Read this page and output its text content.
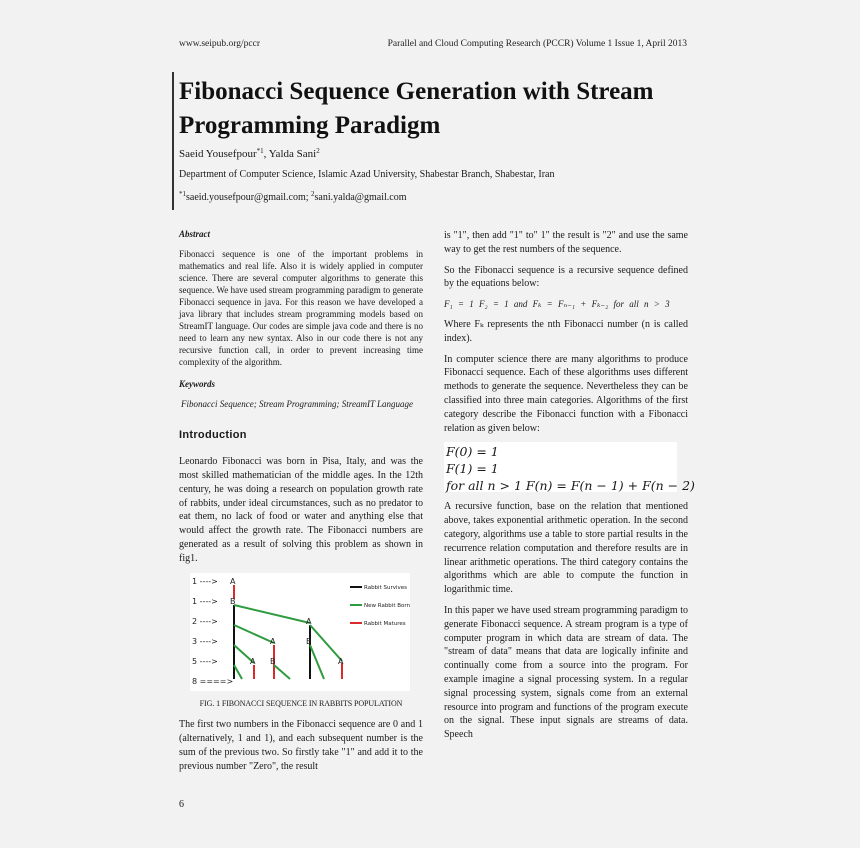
www.seipub.org/pccr	Parallel and Cloud Computing Research (PCCR) Volume 1 Issue 1, April 2013
Fibonacci Sequence Generation with Stream
Programming Paradigm
Saeid Yousefpour$^{*1}$, Yalda Sani$^2$
Department of Computer Science, Islamic Azad University, Shabestar Branch, Shabestar, Iran
$^{*1}$saeid.yousefpour@gmail.com; $^2$sani.yalda@gmail.com
Abstract

Fibonacci sequence is one of the important problems in mathematics and real life. Also it is widely applied in computer science. There are several computer algorithms to generate this sequence. We have used stream programming paradigm to generate Fibonacci sequence in java. For this reason we have developed a java library that includes stream programming models based on StreamIT language. Our codes are simple java code and there is no need to learn any new syntax. Also in our code there is not any recursive function call, in order to prevent increasing time complexity of the algorithm.

Keywords
Fibonacci Sequence; Stream Programming; StreamIT Language
Introduction

Leonardo Fibonacci was born in Pisa, Italy, and was the most skilled mathematician of the middle ages. In the 12th century, he was doing a research on population growth rate of rabbits, under ideal circumstances, such as no predator to eat them, no lack of food or water and anything else that would affect the growth rate. The Fibonacci numbers are generated as a result of solving this problem as shown in fig1.

1 ---->
1 ---->
2 ---->
3 ---->
5 ---->
8 ====>
A
B
A
A	B
A B	A
Rabbit Survives
New Rabbit Born
Rabbit Matures
FIG. 1 FIBONACCI SEQUENCE IN RABBITS POPULATION

The first two numbers in the Fibonacci sequence are 0 and 1 (alternatively, 1 and 1), and each subsequent number is the sum of the previous two. So firstly take "1" and add it to the previous number "Zero", the result

is "1", then add "1" to" 1" the result is "2" and use the same way to get the rest numbers of the sequence.

So the Fibonacci sequence is a recursive sequence defined by the equations below:

F₁ = 1 F₂ = 1 and Fₖ = Fₙ₋₁ + Fₖ₋₂ for all n > 3

Where Fₖ represents the nth Fibonacci number (n is called index).

In computer science there are many algorithms to produce Fibonacci sequence. Each of these algorithms uses different methods to generate the sequence. Nevertheless they can be classified into three main categories. Algorithms of the first category describe the Fibonacci function with a Fibonacci relation as given below:

F(0) = 1
F(1) = 1
for all n > 1 F(n) = F(n − 1) + F(n − 2)

A recursive function, base on the relation that mentioned above, takes exponential arithmetic operation. In the second category, algorithms use a table to store partial results in the recurrence relation computation and therefore results are in linear arithmetic operations. The third category contains the algorithms which are able to compute the function in logarithmic time.

In this paper we have used stream programming paradigm to generate Fibonacci sequence. A stream program is a type of computer program in which data are stream of data. The "stream of data" means that data are logically infinite and continually come from a source into the program. For example imagine a signal processing system. In a regular signal processing system, signals come from an external resource into program and functions of the program execute on the signal. These input signals are streams of data. Speech

6
